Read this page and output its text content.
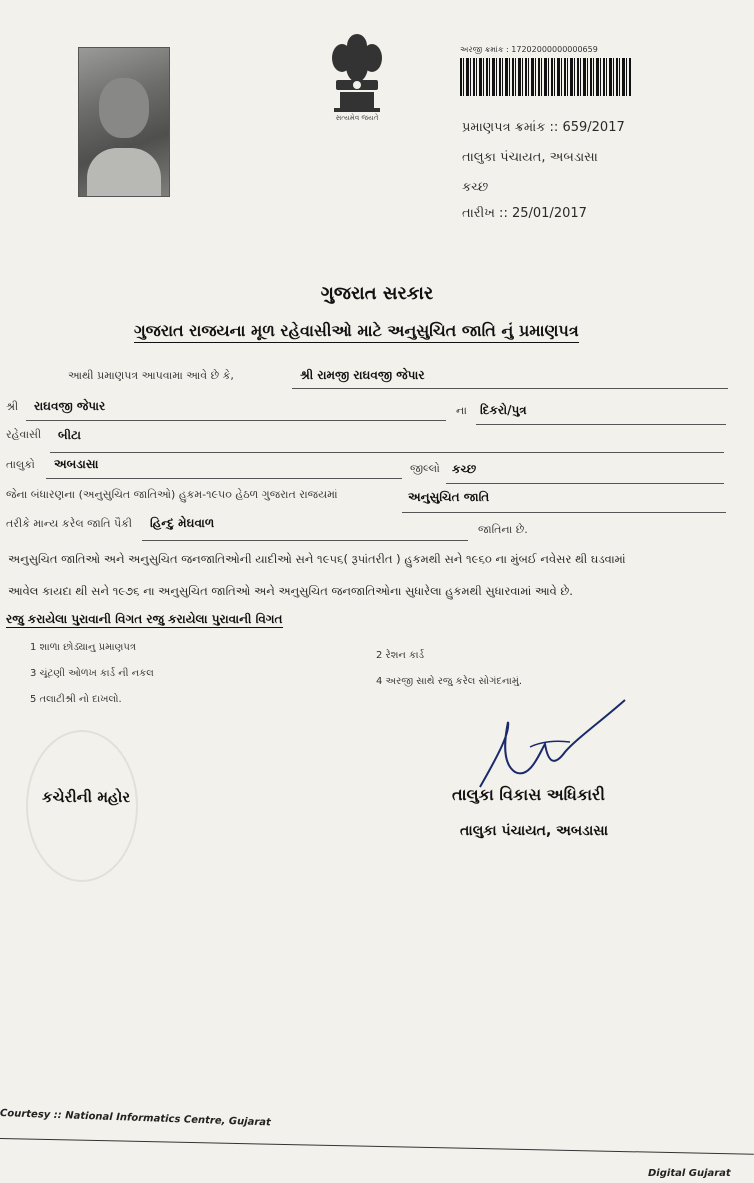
સત્યમેવ જયતે
અરજી ક્રમાંક : 17202000000000659
પ્રમાણપત્ર ક્રમાંક :: 659/2017
તાલુકા પંચાયત, અબડાસા
કચ્છ
તારીખ :: 25/01/2017
ગુજરાત સરકાર
ગુજરાત રાજયના મૂળ રહેવાસીઓ માટે અનુસુચિત જાતિ નું પ્રમાણપત્ર
આથી પ્રમાણપત્ર આપવામા આવે છે કે,	શ્રી રામજી રાઘવજી જેપાર
શ્રી રાઘવજી જેપાર	ના દિકરો/પુત્ર
રહેવાસી બીટા
તાલુકો અબડાસા	જીલ્લો કચ્છ
જેના બંધારણના (અનુસુચિત જાતિઓ) હુકમ-૧૯૫૦ હેઠળ ગુજરાત રાજયમાં	અનુસુચિત જાતિ
તરીકે માન્ય કરેલ જાતિ પૈકી હિન્દુ મેઘવાળ	જાતિના છે.
અનુસુચિત જાતિઓ અને અનુસુચિત જનજાતિઓની યાદીઓ સને ૧૯૫૬( રૂપાંતરીત ) હુકમથી સને ૧૯૬૦ ના મુંબઈ નવેસર થી ઘડવામાં
આવેલ કાયદા થી સને ૧૯૭૬ ના અનુસુચિત જાતિઓ અને અનુસુચિત જનજાતિઓના સુધારેલા હુકમથી સુધારવામાં આવે છે.
રજુ કરાયેલા પુરાવાની વિગત રજુ કરાયેલા પુરાવાની વિગત
1 શાળા છોડ્યાનુ પ્રમાણપત્ર
2 રેશન કાર્ડ
3 ચૂંટણી ઓળખ કાર્ડ ની નકલ
4 અરજી સાથે રજુ કરેલ સોગંદનામું.
5 તલાટીશ્રી નો દાખલો.
કચેરીની મહોર	તાલુકા વિકાસ અધિકારી
તાલુકા પંચાયત, અબડાસા
Courtesy :: National Informatics Centre, Gujarat
Digital Gujarat
